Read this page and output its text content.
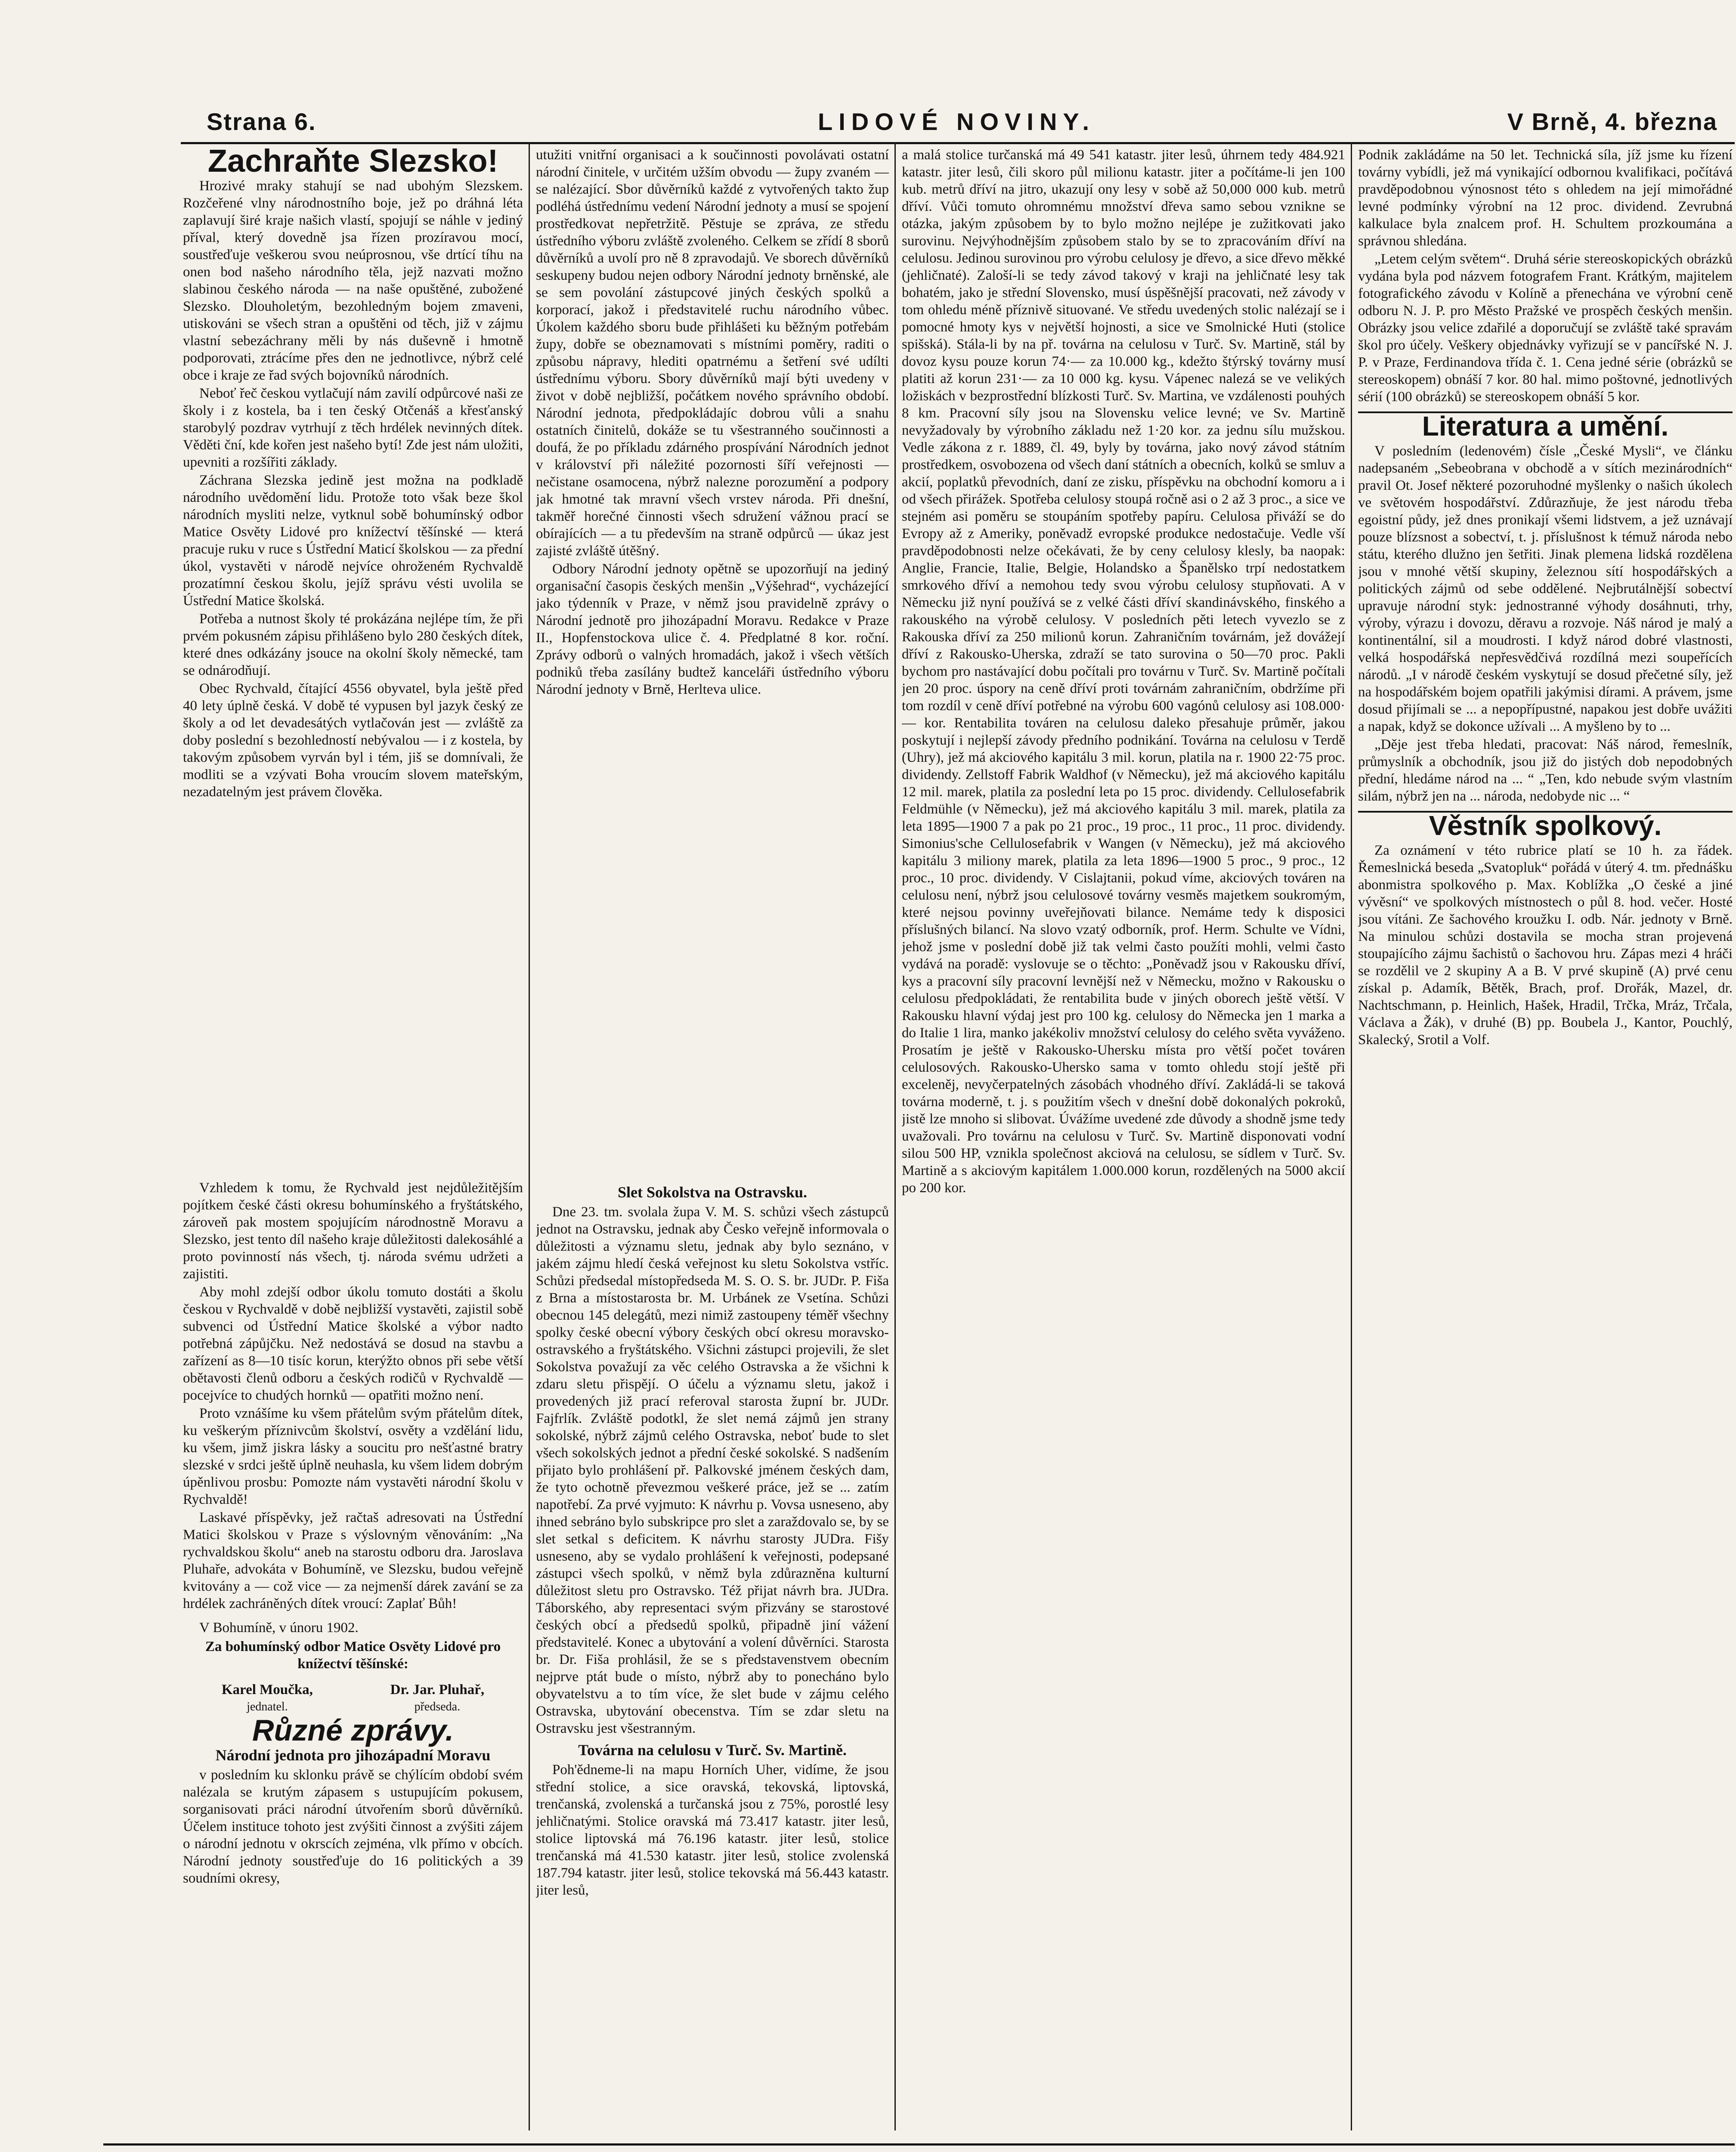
Strana 6.	LIDOVÉ NOVINY.	V Brně, 4. března
Zachraňte Slezsko!

Hrozivé mraky stahují se nad ubohým Slezskem. Rozčeřené vlny národnostního boje, jež po dráhná léta zaplavují širé kraje našich vlastí, spojují se náhle v jediný příval, který dovedně jsa řízen prozíravou mocí, soustřeďuje veškerou svou neúprosnou, vše drtící tíhu na onen bod našeho národního těla, jejž nazvati možno slabinou českého národa — na naše opuštěné, zubožené Slezsko. Dlouholetým, bezohledným bojem zmaveni, utiskováni se všech stran a opuštěni od těch, již v zájmu vlastní sebezáchrany měli by nás duševně i hmotně podporovati, ztrácíme přes den ne jednotlivce, nýbrž celé obce i kraje ze řad svých bojovníků národních.

Neboť řeč českou vytlačují nám zavilí odpůrcové naši ze školy i z kostela, ba i ten český Otčenáš a křesťanský starobylý pozdrav vytrhují z těch hrdélek nevinných dítek. Věděti ční, kde kořen jest našeho bytí! Zde jest nám uložiti, upevniti a rozšířiti základy.

Záchrana Slezska jedině jest možna na podkladě národního uvědomění lidu. Protože toto však beze škol národních mysliti nelze, vytknul sobě bohumínský odbor Matice Osvěty Lidové pro knížectví těšínské — která pracuje ruku v ruce s Ústřední Maticí školskou — za přední úkol, vystavěti v národě nejvíce ohroženém Rychvaldě prozatímní českou školu, jejíž správu vésti uvolila se Ústřední Matice školská.

Potřeba a nutnost školy té prokázána nejlépe tím, že při prvém pokusném zápisu přihlášeno bylo 280 českých dítek, které dnes odkázány jsouce na okolní školy německé, tam se odnárodňují.

Obec Rychvald, čítající 4556 obyvatel, byla ještě před 40 lety úplně česká. V době té vypusen byl jazyk český ze školy a od let devadesátých vytlačován jest — zvláště za doby poslední s bezohledností nebývalou — i z kostela, by takovým způsobem vyrván byl i tém, jiš se domnívali, že modliti se a vzývati Boha vroucím slovem mateřským, nezadatelným jest právem člověka.

Vzhledem k tomu, že Rychvald jest nejdůležitějším pojítkem české části okresu bohumínského a fryštátského, zároveň pak mostem spojujícím národnostně Moravu a Slezsko, jest tento díl našeho kraje důležitosti dalekosáhlé a proto povinností nás všech, tj. národa svému udržeti a zajistiti.

Aby mohl zdejší odbor úkolu tomuto dostáti a školu českou v Rychvaldě v době nejbližší vystavěti, zajistil sobě subvenci od Ústřední Matice školské a výbor nadto potřebná zápůjčku. Než nedostává se dosud na stavbu a zařízení as 8—10 tisíc korun, kterýžto obnos při sebe větší obětavosti členů odboru a českých rodičů v Rychvaldě — pocejvíce to chudých hornků — opatřiti možno není.

Proto vznášíme ku všem přátelům svým přátelům dítek, ku veškerým příznivcům školství, osvěty a vzdělání lidu, ku všem, jimž jiskra lásky a soucitu pro nešťastné bratry slezské v srdci ještě úplně neuhasla, ku všem lidem dobrým úpěnlivou prosbu: Pomozte nám vystavěti národní školu v Rychvaldě!

Laskavé příspěvky, jež račtaš adresovati na Ústřední Matici školskou v Praze s výslovným věnováním: „Na rychvaldskou školu“ aneb na starostu odboru dra. Jaroslava Pluhaře, advokáta v Bohumíně, ve Slezsku, budou veřejně kvitovány a — což vice — za nejmenší dárek zavání se za hrdélek zachráněných dítek vroucí: Zaplať Bůh!

V Bohumíně, v únoru 1902.
Za bohumínský odbor Matice Osvěty Lidové pro knížectví těšínské:
Karel Moučka,
jednatel.
Dr. Jar. Pluhař,
předseda.
Různé zprávy.
Národní jednota pro jihozápadní Moravu

v posledním ku sklonku právě se chýlícím období svém nalézala se krutým zápasem s ustupujícím pokusem, sorganisovati práci národní útvořením sborů důvěrníků. Účelem instituce tohoto jest zvýšiti činnost a zvýšiti zájem o národní jednotu v okrscích zejména, vlk přímo v obcích. Národní jednoty soustřeďuje do 16 politických a 39 soudními okresy,

utužiti vnitřní organisaci a k součinnosti povolávati ostatní národní činitele, v určitém užším obvodu — župy zvaném — se nalézající. Sbor důvěrníků každé z vytvořených takto žup podléhá ústřednímu vedení Národní jednoty a musí se spojení prostředkovat nepřetržitě. Pěstuje se zpráva, ze středu ústředního výboru zvláště zvoleného. Celkem se zřídí 8 sborů důvěrníků a uvolí pro ně 8 zpravodajů. Ve sborech důvěrníků seskupeny budou nejen odbory Národní jednoty brněnské, ale se sem povolání zástupcové jiných českých spolků a korporací, jakož i představitelé ruchu národního vůbec. Úkolem každého sboru bude přihlášeti ku běžným potřebám župy, dobře se obeznamovati s místními poměry, raditi o způsobu nápravy, hlediti opatrnému a šetření své udílti ústřednímu výboru. Sbory důvěrníků mají býti uvedeny v život v době nejbližší, počátkem nového správního období. Národní jednota, předpokládajíc dobrou vůli a snahu ostatních činitelů, dokáže se tu všestranného součinnosti a doufá, že po příkladu zdárného prospívání Národních jednot v království při náležité pozornosti šíří veřejnosti — nečistane osamocena, nýbrž nalezne porozumění a podpory jak hmotné tak mravní všech vrstev národa. Při dnešní, takměř horečné činnosti všech sdružení vážnou prací se obírajících — a tu především na straně odpůrců — úkaz jest zajisté zvláště útěšný.

Odbory Národní jednoty opětně se upozorňují na jediný organisační časopis českých menšin „Výšehrad“, vycházející jako týdenník v Praze, v němž jsou pravidelně zprávy o Národní jednotě pro jihozápadní Moravu. Redakce v Praze II., Hopfenstockova ulice č. 4. Předplatné 8 kor. roční. Zprávy odborů o valných hromadách, jakož i všech větších podniků třeba zasílány budtež kanceláři ústředního výboru Národní jednoty v Brně, Herlteva ulice.

Slet Sokolstva na Ostravsku.

Dne 23. tm. svolala župa V. M. S. schůzi všech zástupců jednot na Ostravsku, jednak aby Česko veřejně informovala o důležitosti a významu sletu, jednak aby bylo seznáno, v jakém zájmu hledí česká veřejnost ku sletu Sokolstva vstříc. Schůzi předsedal místopředseda M. S. O. S. br. JUDr. P. Fiša z Brna a místostarosta br. M. Urbánek ze Vsetína. Schůzi obecnou 145 delegátů, mezi nimiž zastoupeny téměř všechny spolky české obecní výbory českých obcí okresu moravsko-ostravského a fryštátského. Všichni zástupci projevili, že slet Sokolstva považují za věc celého Ostravska a že všichni k zdaru sletu přispějí. O účelu a významu sletu, jakož i provedených již prací referoval starosta župní br. JUDr. Fajfrlík. Zvláště podotkl, že slet nemá zájmů jen strany sokolské, nýbrž zájmů celého Ostravska, neboť bude to slet všech sokolských jednot a přední české sokolské. S nadšením přijato bylo prohlášení př. Palkovské jménem českých dam, že tyto ochotně převezmou veškeré práce, jež se ... zatím napotřebí. Za prvé vyjmuto: K návrhu p. Vovsa usneseno, aby ihned sebráno bylo subskripce pro slet a zaraždovalo se, by se slet setkal s deficitem. K návrhu starosty JUDra. Fišy usneseno, aby se vydalo prohlášení k veřejnosti, podepsané zástupci všech spolků, v němž byla zdůrazněna kulturní důležitost sletu pro Ostravsko. Též přijat návrh bra. JUDra. Táborského, aby representaci svým přizvány se starostové českých obcí a předsedů spolků, připadně jiní vážení představitelé. Konec a ubytování a volení důvěrníci. Starosta br. Dr. Fiša prohlásil, že se s představenstvem obecním nejprve ptát bude o místo, nýbrž aby to ponecháno bylo obyvatelstvu a to tím více, že slet bude v zájmu celého Ostravska, ubytování obecenstva. Tím se zdar sletu na Ostravsku jest všestranným.

Továrna na celulosu v Turč. Sv. Martině.

Poh'ědneme-li na mapu Horních Uher, vidíme, že jsou střední stolice, a sice oravská, tekovská, liptovská, trenčanská, zvolenská a turčanská jsou z 75%, porostlé lesy jehličnatými. Stolice oravská má 73.417 katastr. jiter lesů, stolice liptovská má 76.196 katastr. jiter lesů, stolice trenčanská má 41.530 katastr. jiter lesů, stolice zvolenská 187.794 katastr. jiter lesů, stolice tekovská má 56.443 katastr. jiter lesů,

a malá stolice turčanská má 49 541 katastr. jiter lesů, úhrnem tedy 484.921 katastr. jiter lesů, čili skoro půl milionu katastr. jiter a počítáme-li jen 100 kub. metrů dříví na jitro, ukazují ony lesy v sobě až 50,000 000 kub. metrů dříví. Vůči tomuto ohromnému množství dřeva samo sebou vznikne se otázka, jakým způsobem by to bylo možno nejlépe je zužitkovati jako surovinu. Nejvýhodnějším způsobem stalo by se to zpracováním dříví na celulosu. Jedinou surovinou pro výrobu celulosy je dřevo, a sice dřevo měkké (jehličnaté). Zaloší-li se tedy závod takový v kraji na jehličnaté lesy tak bohatém, jako je střední Slovensko, musí úspěšnější pracovati, než závody v tom ohledu méně příznivě situované. Ve středu uvedených stolic nalézají se i pomocné hmoty kys v největší hojnosti, a sice ve Smolnické Huti (stolice spišská). Stála-li by na př. továrna na celulosu v Turč. Sv. Martině, stál by dovoz kysu pouze korun 74·— za 10.000 kg., kdežto štýrský továrny musí platiti až korun 231·— za 10 000 kg. kysu. Vápenec nalezá se ve velikých ložiskách v bezprostřední blízkosti Turč. Sv. Martina, ve vzdálenosti pouhých 8 km. Pracovní síly jsou na Slovensku velice levné; ve Sv. Martině nevyžadovaly by výrobního základu než 1·20 kor. za jednu sílu mužskou. Vedle zákona z r. 1889, čl. 49, byly by továrna, jako nový závod státním prostředkem, osvobozena od všech daní státních a obecních, kolků se smluv a akcií, poplatků převodních, daní ze zisku, příspěvku na obchodní komoru a i od všech přirážek. Spotřeba celulosy stoupá ročně asi o 2 až 3 proc., a sice ve stejném asi poměru se stoupáním spotřeby papíru. Celulosa přiváží se do Evropy až z Ameriky, poněvadž evropské produkce nedostačuje. Vedle vší pravděpodobnosti nelze očekávati, že by ceny celulosy klesly, ba naopak: Anglie, Francie, Italie, Belgie, Holandsko a Španělsko trpí nedostatkem smrkového dříví a nemohou tedy svou výrobu celulosy stupňovati. A v Německu již nyní používá se z velké části dříví skandinávského, finského a rakouského na výrobě celulosy. V posledních pěti letech vyvezlo se z Rakouska dříví za 250 milionů korun. Zahraničním továrnám, jež dovážejí dříví z Rakousko-Uherska, zdraží se tato surovina o 50—70 proc. Pakli bychom pro nastávající dobu počítali pro továrnu v Turč. Sv. Martině počítali jen 20 proc. úspory na ceně dříví proti továrnám zahraničním, obdržíme při tom rozdíl v ceně dříví potřebné na výrobu 600 vagónů celulosy asi 108.000·— kor. Rentabilita továren na celulosu daleko přesahuje průměr, jakou poskytují i nejlepší závody předního podnikání. Továrna na celulosu v Terdě (Uhry), jež má akciového kapitálu 3 mil. korun, platila na r. 1900 22·75 proc. dividendy. Zellstoff Fabrik Waldhof (v Německu), jež má akciového kapitálu 12 mil. marek, platila za poslední leta po 15 proc. dividendy. Cellulosefabrik Feldmühle (v Německu), jež má akciového kapitálu 3 mil. marek, platila za leta 1895—1900 7 a pak po 21 proc., 19 proc., 11 proc., 11 proc. dividendy. Simonius'sche Cellulosefabrik v Wangen (v Německu), jež má akciového kapitálu 3 miliony marek, platila za leta 1896—1900 5 proc., 9 proc., 12 proc., 10 proc. dividendy. V Cislajtanii, pokud víme, akciových továren na celulosu není, nýbrž jsou celulosové továrny vesměs majetkem soukromým, které nejsou povinny uveřejňovati bilance. Nemáme tedy k disposici příslušných bilancí. Na slovo vzatý odborník, prof. Herm. Schulte ve Vídni, jehož jsme v poslední době již tak velmi často použíti mohli, velmi často vydává na poradě: vyslovuje se o těchto: „Poněvadž jsou v Rakousku dříví, kys a pracovní síly pracovní levnější než v Německu, možno v Rakousku o celulosu předpokládati, že rentabilita bude v jiných oborech ještě větší. V Rakousku hlavní výdaj jest pro 100 kg. celulosy do Německa jen 1 marka a do Italie 1 lira, manko jakékoliv množství celulosy do celého světa vyváženo. Prosatím je ještě v Rakousko-Uhersku místa pro větší počet továren celulosových. Rakousko-Uhersko sama v tomto ohledu stojí ještě při exceleněj, nevyčerpatelných zásobách vhodného dříví. Zakládá-li se taková továrna moderně, t. j. s použitím všech v dnešní době dokonalých pokroků, jistě lze mnoho si slibovat. Úvážíme uvedené zde důvody a shodně jsme tedy uvažovali. Pro továrnu na celulosu v Turč. Sv. Martině disponovati vodní silou 500 HP, vznikla společnost akciová na celulosu, se sídlem v Turč. Sv. Martině a s akciovým kapitálem 1.000.000 korun, rozdělených na 5000 akcií po 200 kor.

Podnik zakládáme na 50 let. Technická síla, jíž jsme ku řízení továrny vybídli, jež má vynikající odbornou kvalifikaci, počítává pravděpodobnou výnosnost této s ohledem na její mimořádné levné podmínky výrobní na 12 proc. dividend. Zevrubná kalkulace byla znalcem prof. H. Schultem prozkoumána a správnou shledána.

„Letem celým světem“. Druhá série stereoskopických obrázků vydána byla pod názvem fotografem Frant. Krátkým, majitelem fotografického závodu v Kolíně a přenechána ve výrobní ceně odboru N. J. P. pro Město Pražské ve prospěch českých menšin. Obrázky jsou velice zdařilé a doporučují se zvláště také spravám škol pro účely. Veškery objednávky vyřizují se v pancířské N. J. P. v Praze, Ferdinandova třída č. 1. Cena jedné série (obrázků se stereoskopem) obnáší 7 kor. 80 hal. mimo poštovné, jednotlivých sérií (100 obrázků) se stereoskopem obnáší 5 kor.

Literatura a umění.

V posledním (ledenovém) čísle „České Mysli“, ve článku nadepsaném „Sebeobrana v obchodě a v sítích mezinárodních“ pravil Ot. Josef některé pozoruhodné myšlenky o našich úkolech ve světovém hospodářství. Zdůrazňuje, že jest národu třeba egoistní půdy, jež dnes pronikají všemi lidstvem, a jež uznávají pouze blízsnost a sobectví, t. j. příslušnost k témuž národa nebo státu, kterého dlužno jen šetřiti. Jinak plemena lidská rozdělena jsou v mnohé větší skupiny, železnou sítí hospodářských a politických zájmů od sebe oddělené. Nejbrutálnější sobectví upravuje národní styk: jednostranné výhody dosáhnuti, trhy, výroby, výrazu i dovozu, děravu a rozvoje. Náš národ je malý a kontinentální, sil a moudrosti. I když národ dobré vlastnosti, velká hospodářská nepřesvědčivá rozdílná mezi soupeřících národů. „I v národě českém vyskytují se dosud přečetné síly, jež na hospodářském bojem opatřili jakýmisi dírami. A právem, jsme dosud přijímali se ... a nepopřípustné, napakou jest dobře uvážiti a napak, když se dokonce užívali ... A myšleno by to ...

„Děje jest třeba hledati, pracovat: Náš národ, řemeslník, průmyslník a obchodník, jsou již do jistých dob nepodobných přední, hledáme národ na ... “ „Ten, kdo nebude svým vlastním silám, nýbrž jen na ... národa, nedobyde nic ... “

Věstník spolkový.

Za oznámení v této rubrice platí se 10 h. za řádek. Řemeslnická beseda „Svatopluk“ pořádá v úterý 4. tm. přednášku abonmistra spolkového p. Max. Koblížka „O české a jiné vývěsní“ ve spolkových místnostech o půl 8. hod. večer. Hosté jsou vítáni. Ze šachového kroužku I. odb. Nár. jednoty v Brně. Na minulou schůzi dostavila se mocha stran projevená stoupajícího zájmu šachistů o šachovou hru. Zápas mezi 4 hráči se rozdělil ve 2 skupiny A a B. V prvé skupině (A) prvé cenu získal p. Adamík, Bětěk, Brach, prof. Drořák, Mazel, dr. Nachtschmann, p. Heinlich, Hašek, Hradil, Trčka, Mráz, Trčala, Václava a Žák), v druhé (B) pp. Boubela J., Kantor, Pouchlý, Skalecký, Srotil a Volf.
